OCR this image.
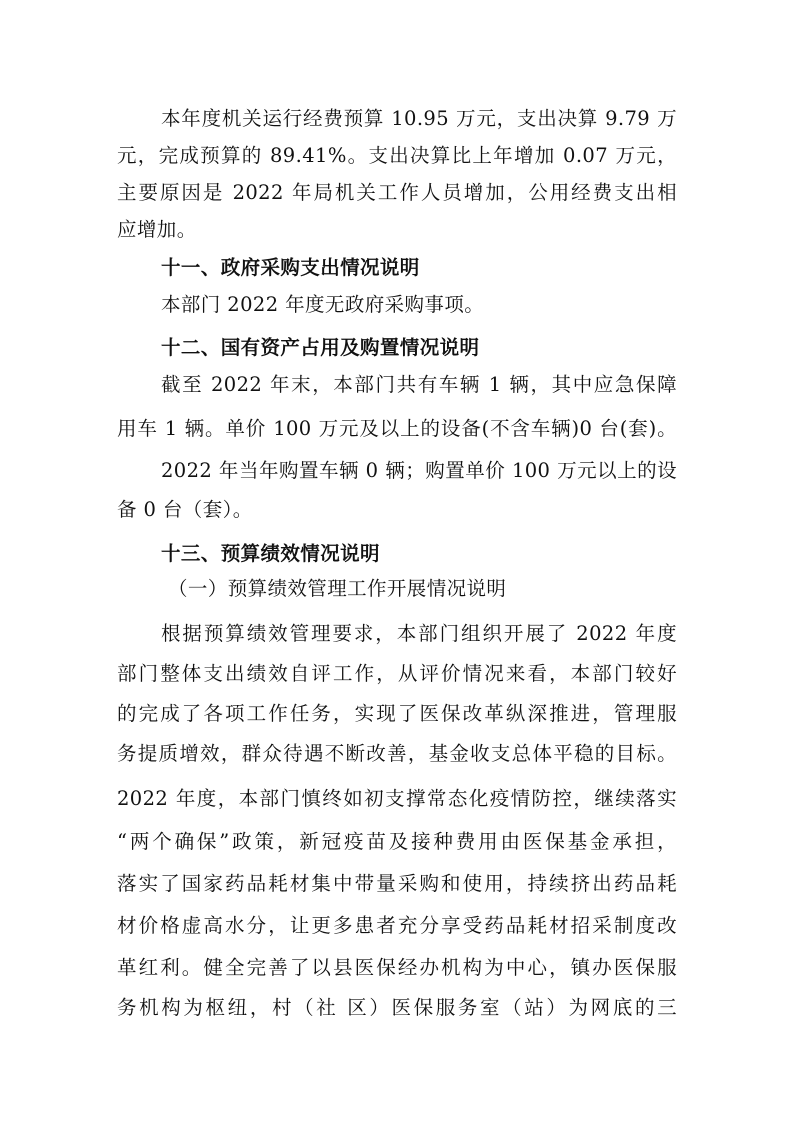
本年度机关运行经费预算 10.95 万元，支出决算 9.79 万
元，完成预算的 89.41%。支出决算比上年增加 0.07 万元，
主要原因是 2022 年局机关工作人员增加，公用经费支出相
应增加。
十一、政府采购支出情况说明
本部门 2022 年度无政府采购事项。
十二、国有资产占用及购置情况说明
截至 2022 年末，本部门共有车辆 1 辆，其中应急保障
用车 1 辆。单价 100 万元及以上的设备(不含车辆)0 台(套)。
2022 年当年购置车辆 0 辆；购置单价 100 万元以上的设
备 0 台（套）。
十三、预算绩效情况说明
（一）预算绩效管理工作开展情况说明
根据预算绩效管理要求，本部门组织开展了 2022 年度
部门整体支出绩效自评工作，从评价情况来看，本部门较好
的完成了各项工作任务，实现了医保改革纵深推进，管理服
务提质增效，群众待遇不断改善，基金收支总体平稳的目标。
2022 年度，本部门慎终如初支撑常态化疫情防控，继续落实
“两个确保”政策，新冠疫苗及接种费用由医保基金承担，
落实了国家药品耗材集中带量采购和使用，持续挤出药品耗
材价格虚高水分，让更多患者充分享受药品耗材招采制度改
革红利。健全完善了以县医保经办机构为中心，镇办医保服
务机构为枢纽，村（社 区）医保服务室（站）为网底的三
